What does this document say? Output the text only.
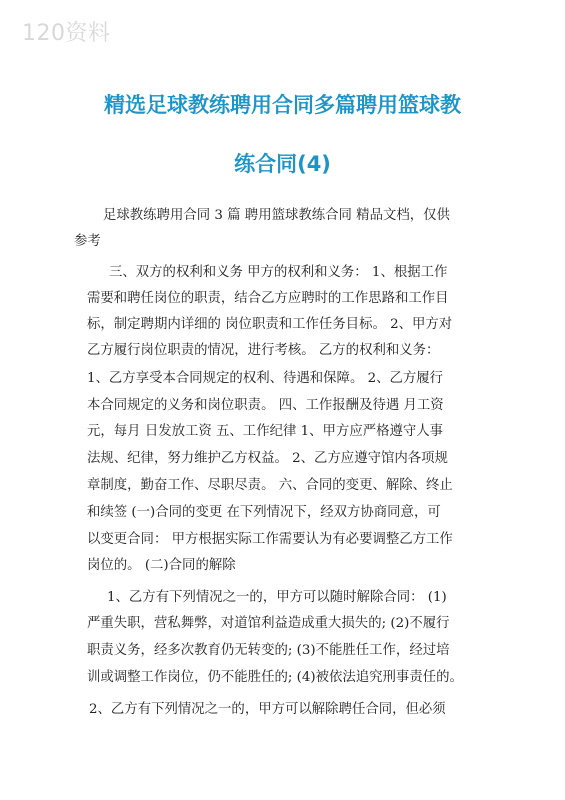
120资料
精选足球教练聘用合同多篇聘用篮球教
练合同(4)
足球教练聘用合同 3 篇 聘用篮球教练合同 精品文档，仅供
参考
三、双方的权利和义务 甲方的权利和义务： 1、根据工作
需要和聘任岗位的职责，结合乙方应聘时的工作思路和工作目
标，制定聘期内详细的 岗位职责和工作任务目标。 2、甲方对
乙方履行岗位职责的情况，进行考核。 乙方的权利和义务：
1、乙方享受本合同规定的权利、待遇和保障。 2、乙方履行
本合同规定的义务和岗位职责。 四、工作报酬及待遇 月工资
元，每月 日发放工资 五、工作纪律 1、甲方应严格遵守人事
法规、纪律，努力维护乙方权益。 2、乙方应遵守馆内各项规
章制度，勤奋工作、尽职尽责。 六、合同的变更、解除、终止
和续签 (一)合同的变更 在下列情况下，经双方协商同意，可
以变更合同： 甲方根据实际工作需要认为有必要调整乙方工作
岗位的。 (二)合同的解除
1、乙方有下列情况之一的，甲方可以随时解除合同： (1)
严重失职，营私舞弊，对道馆利益造成重大损失的; (2)不履行
职责义务，经多次教育仍无转变的; (3)不能胜任工作，经过培
训或调整工作岗位，仍不能胜任的; (4)被依法追究刑事责任的。
2、乙方有下列情况之一的，甲方可以解除聘任合同，但必须
